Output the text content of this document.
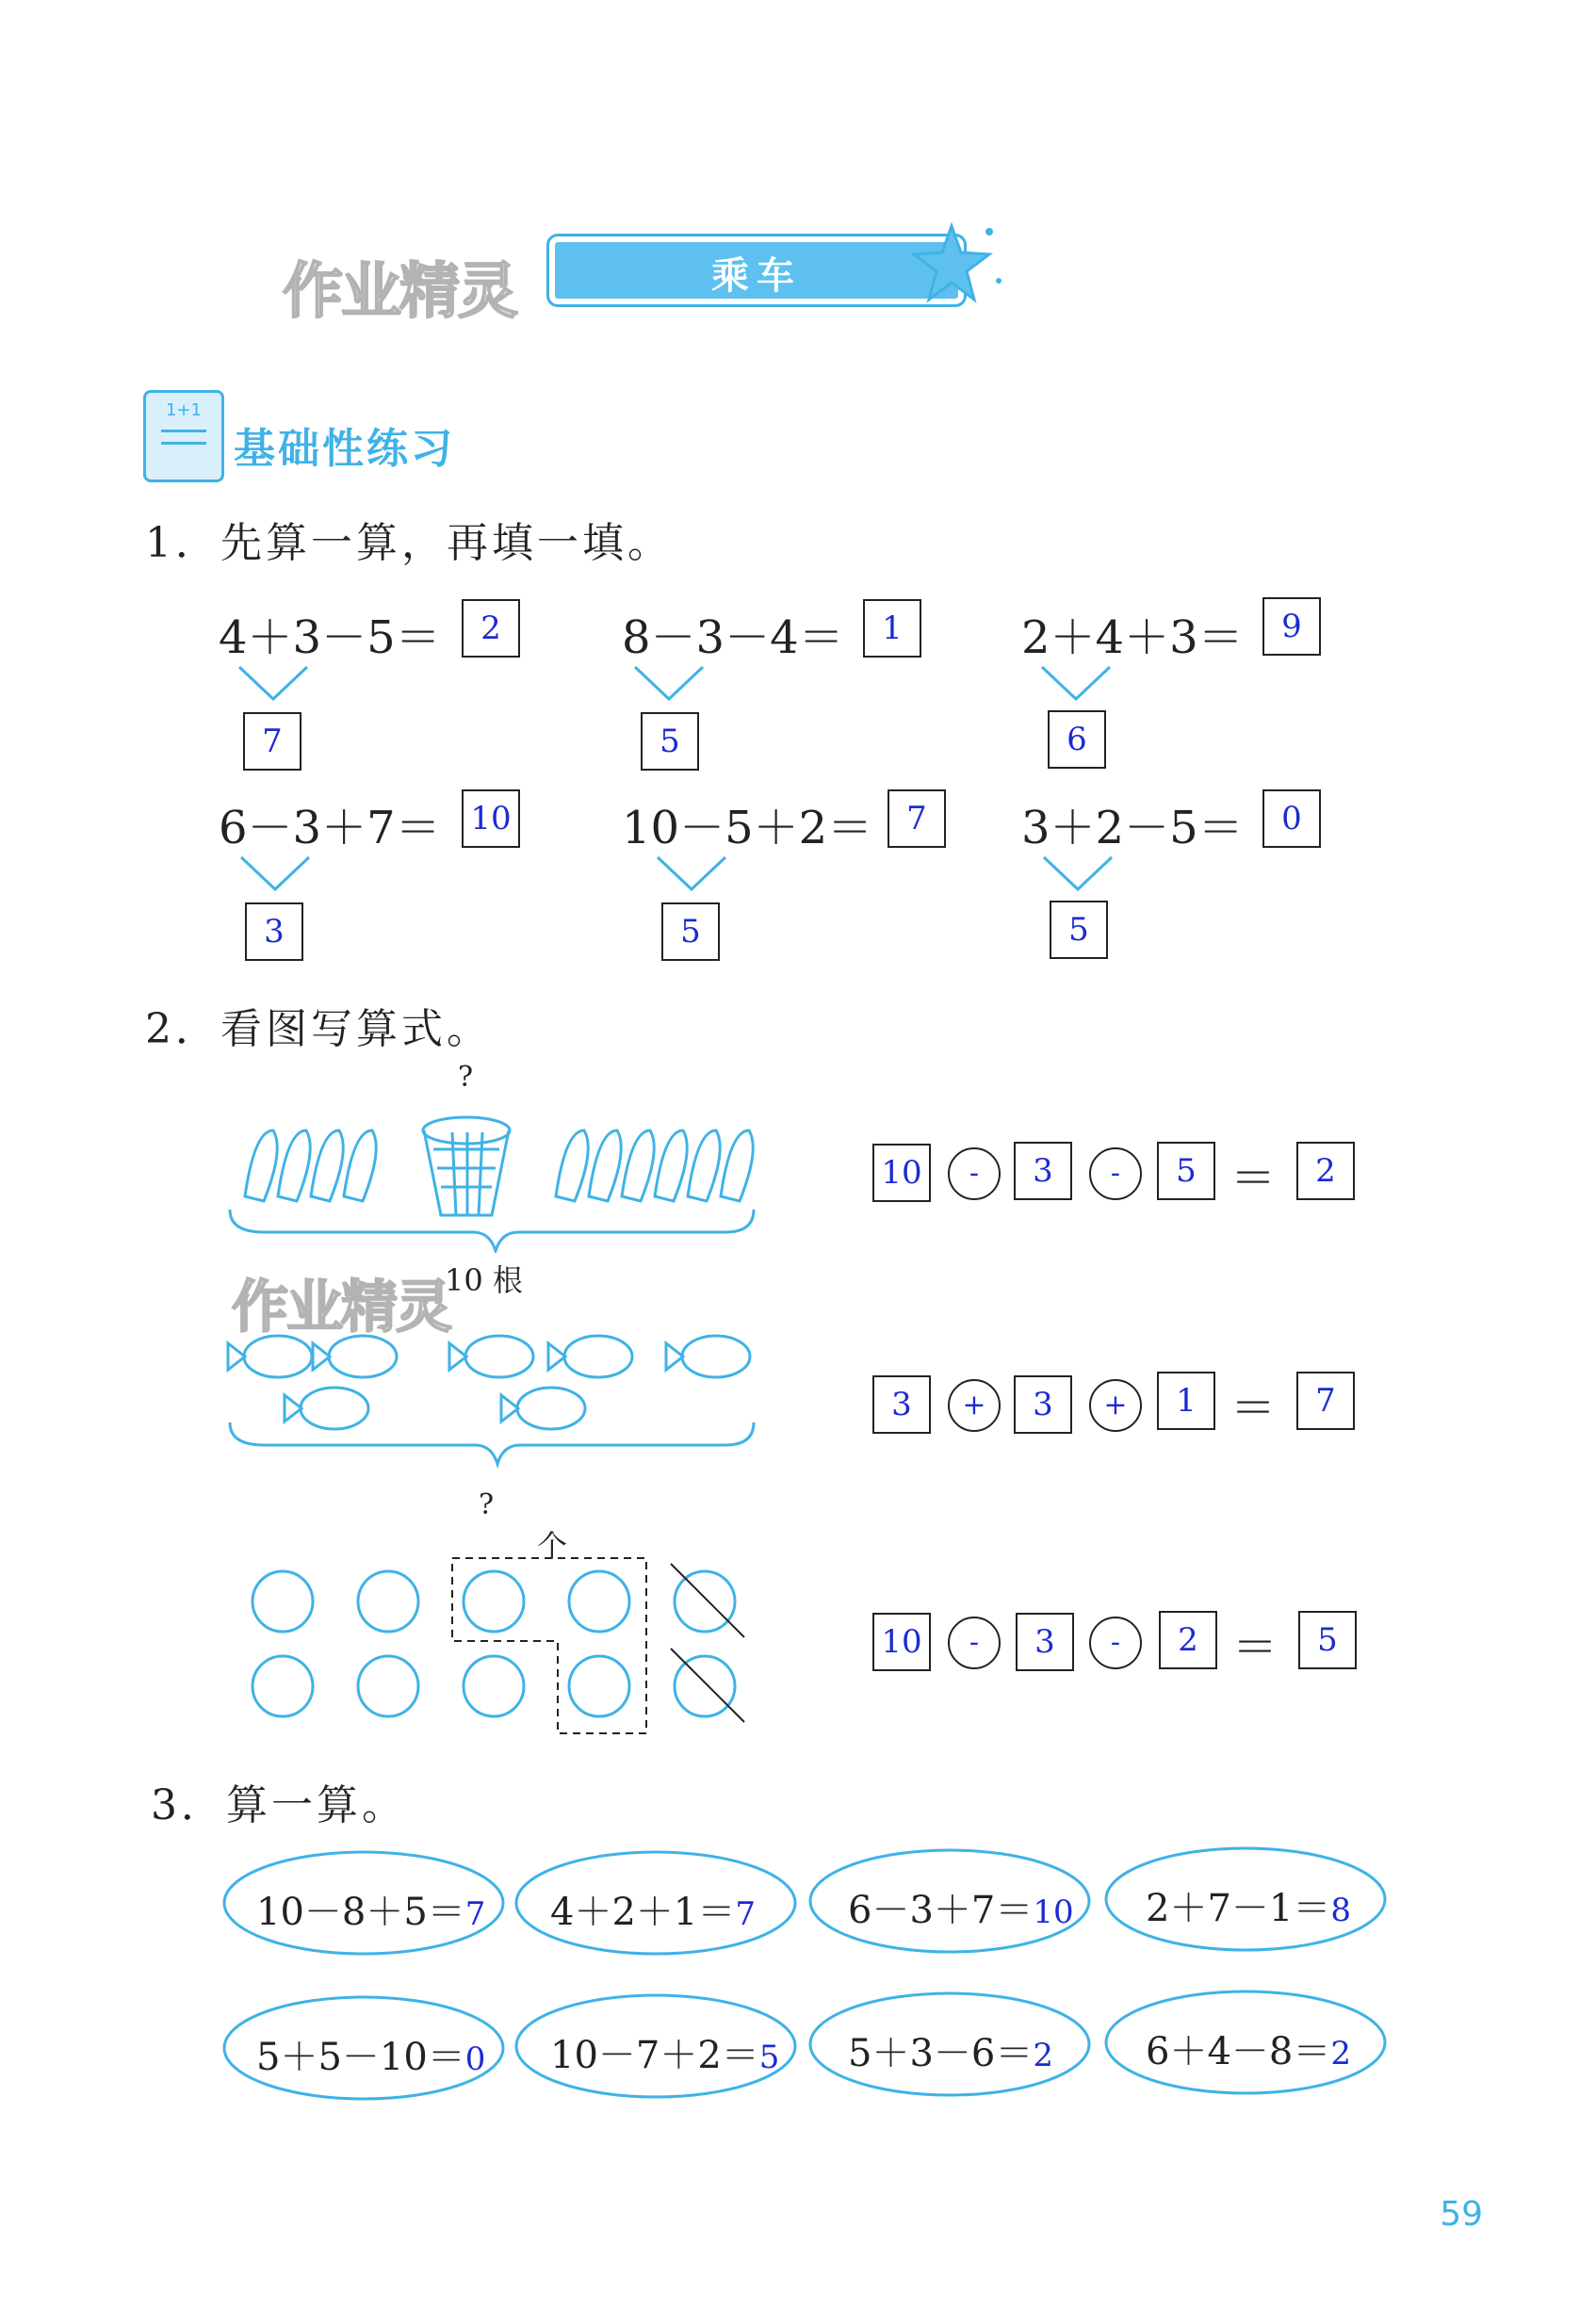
作业精灵	乘车
1+1
基础性练习
1．先算一算，再填一填。
4＋3－5＝	2
7
8－3－4＝	1
5
2＋4＋3＝	9
6
6－3＋7＝ 10
3
10－5＋2＝	7
5
3＋2－5＝	0
5
2．看图写算式。
?
作业精灵
10 根
10	-	3	-	5 ＝	2
3	+	3	+	1 ＝	7
?
个
10	-	3	-	2 ＝	5
3．算一算。
10－8＋5＝7 4＋2＋1＝7 6－3＋7＝10 2＋7－1＝8
5＋5－10＝0 10－7＋2＝5 5＋3－6＝2 6＋4－8＝2
59
